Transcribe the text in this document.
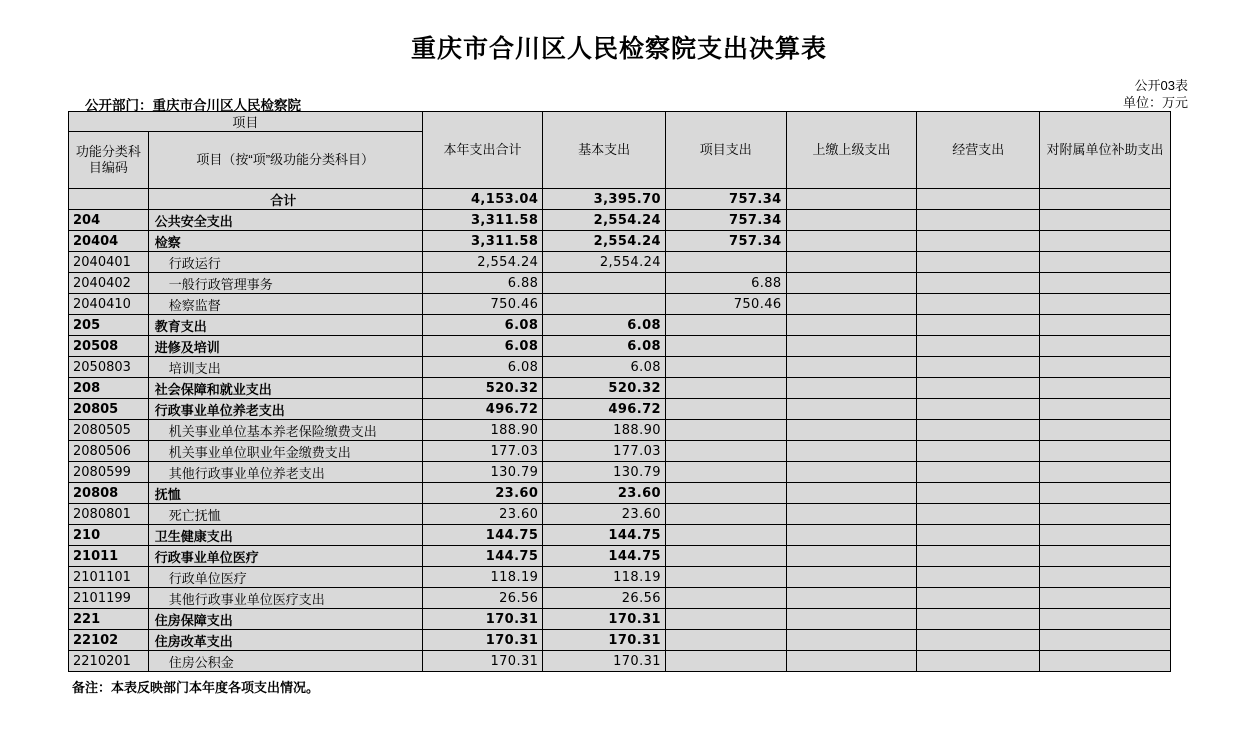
重庆市合川区人民检察院支出决算表
公开03表
单位：万元
公开部门：重庆市合川区人民检察院
项目		本年支出合计	基本支出	项目支出	上缴上级支出	经营支出	对附属单位补助支出
功能分类科目编码	项目（按“项”级功能分类科目）						
	合计	4,153.04	3,395.70	757.34			
204	公共安全支出	3,311.58	2,554.24	757.34			
20404	检察	3,311.58	2,554.24	757.34			
2040401	行政运行	2,554.24	2,554.24				
2040402	一般行政管理事务	6.88		6.88			
2040410	检察监督	750.46		750.46			
205	教育支出	6.08	6.08				
20508	进修及培训	6.08	6.08				
2050803	培训支出	6.08	6.08				
208	社会保障和就业支出	520.32	520.32				
20805	行政事业单位养老支出	496.72	496.72				
2080505	机关事业单位基本养老保险缴费支出	188.90	188.90				
2080506	机关事业单位职业年金缴费支出	177.03	177.03				
2080599	其他行政事业单位养老支出	130.79	130.79				
20808	抚恤	23.60	23.60				
2080801	死亡抚恤	23.60	23.60				
210	卫生健康支出	144.75	144.75				
21011	行政事业单位医疗	144.75	144.75				
2101101	行政单位医疗	118.19	118.19				
2101199	其他行政事业单位医疗支出	26.56	26.56				
221	住房保障支出	170.31	170.31				
22102	住房改革支出	170.31	170.31				
2210201	住房公积金	170.31	170.31				
备注：本表反映部门本年度各项支出情况。
